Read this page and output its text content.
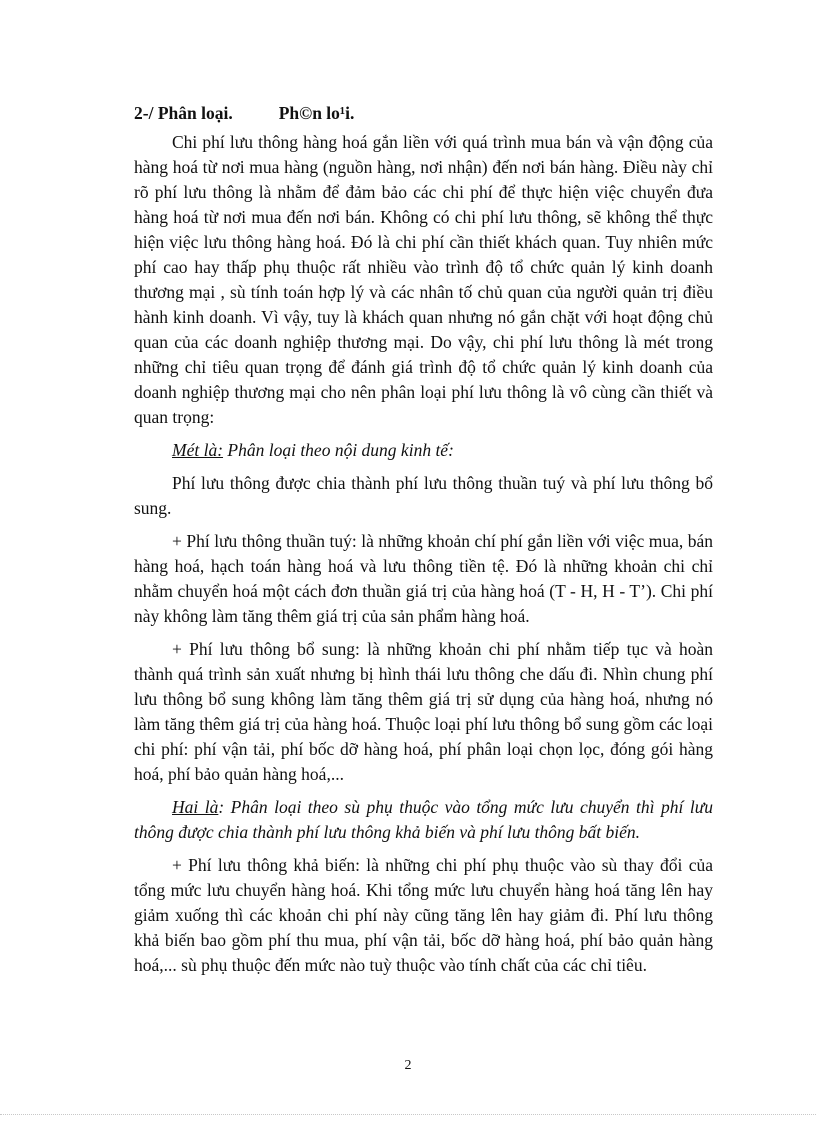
2-/ Phân loại.	Ph©n lo¹i.

Chi phí lưu thông hàng hoá gắn liền với quá trình mua bán và vận động của hàng hoá từ nơi mua hàng (nguồn hàng, nơi nhận) đến nơi bán hàng. Điều này chỉ rõ phí lưu thông là nhằm để đảm bảo các chi phí để thực hiện việc chuyển đưa hàng hoá từ nơi mua đến nơi bán. Không có chi phí lưu thông, sẽ không thể thực hiện việc lưu thông hàng hoá. Đó là chi phí cần thiết khách quan. Tuy nhiên mức phí cao hay thấp phụ thuộc rất nhiều vào trình độ tổ chức quản lý kinh doanh thương mại , sù tính toán hợp lý và các nhân tố chủ quan của người quản trị điều hành kinh doanh. Vì vậy, tuy là khách quan nhưng nó gắn chặt với hoạt động chủ quan của các doanh nghiệp thương mại. Do vậy, chi phí lưu thông là mét trong những chỉ tiêu quan trọng để đánh giá trình độ tổ chức quản lý kinh doanh của doanh nghiệp thương mại cho nên phân loại phí lưu thông là vô cùng cần thiết và quan trọng:

Mét là: Phân loại theo nội dung kinh tế:

Phí lưu thông được chia thành phí lưu thông thuần tuý và phí lưu thông bổ sung.

+ Phí lưu thông thuần tuý: là những khoản chí phí gắn liền với việc mua, bán hàng hoá, hạch toán hàng hoá và lưu thông tiền tệ. Đó là những khoản chi chỉ nhằm chuyển hoá một cách đơn thuần giá trị của hàng hoá (T - H, H - T’). Chi phí này không làm tăng thêm giá trị của sản phẩm hàng hoá.

+ Phí lưu thông bổ sung: là những khoản chi phí nhằm tiếp tục và hoàn thành quá trình sản xuất nhưng bị hình thái lưu thông che dấu đi. Nhìn chung phí lưu thông bổ sung không làm tăng thêm giá trị sử dụng của hàng hoá, nhưng nó làm tăng thêm giá trị của hàng hoá. Thuộc loại phí lưu thông bổ sung gồm các loại chi phí: phí vận tải, phí bốc dỡ hàng hoá, phí phân loại chọn lọc, đóng gói hàng hoá, phí bảo quản hàng hoá,...

Hai là: Phân loại theo sù phụ thuộc vào tổng mức lưu chuyển thì phí lưu thông được chia thành phí lưu thông khả biến và phí lưu thông bất biến.

+ Phí lưu thông khả biến: là những chi phí phụ thuộc vào sù thay đổi của tổng mức lưu chuyển hàng hoá. Khi tổng mức lưu chuyển hàng hoá tăng lên hay giảm xuống thì các khoản chi phí này cũng tăng lên hay giảm đi. Phí lưu thông khả biến bao gồm phí thu mua, phí vận tải, bốc dỡ hàng hoá, phí bảo quản hàng hoá,... sù phụ thuộc đến mức nào tuỳ thuộc vào tính chất của các chỉ tiêu.

2
